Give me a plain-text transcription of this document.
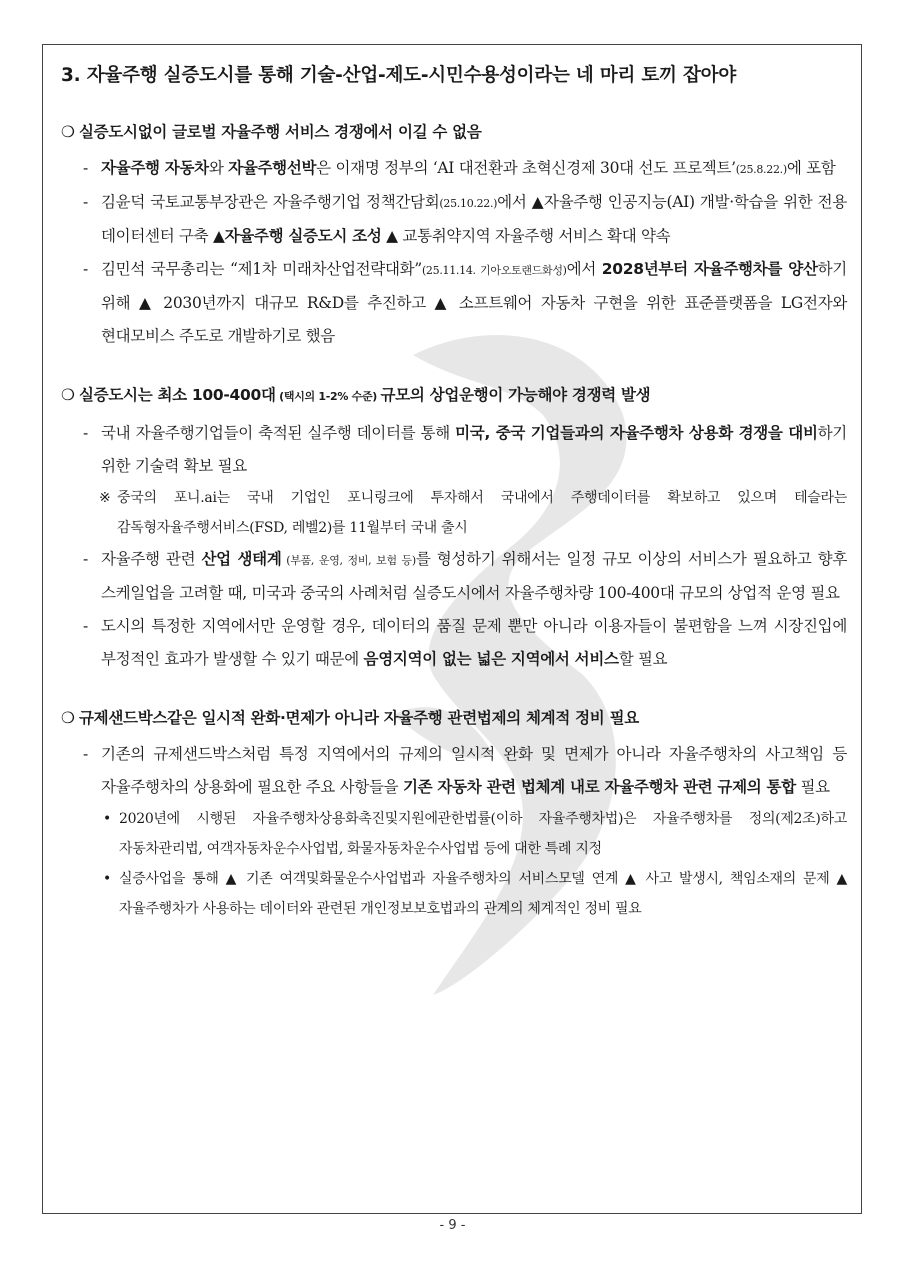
3. 자율주행 실증도시를 통해 기술-산업-제도-시민수용성이라는 네 마리 토끼 잡아야
❍ 실증도시없이 글로벌 자율주행 서비스 경쟁에서 이길 수 없음
- 자율주행 자동차와 자율주행선박은 이재명 정부의 ‘AI 대전환과 초혁신경제 30대 선도 프로젝트’(25.8.22.)에 포함
- 김윤덕 국토교통부장관은 자율주행기업 정책간담회(25.10.22.)에서 ▲자율주행 인공지능(AI) 개발·학습을 위한 전용 데이터센터 구축 ▲자율주행 실증도시 조성 ▲ 교통취약지역 자율주행 서비스 확대 약속
- 김민석 국무총리는 “제1차 미래차산업전략대화”(25.11.14. 기아오토랜드화성)에서 2028년부터 자율주행차를 양산하기 위해 ▲ 2030년까지 대규모 R&D를 추진하고 ▲ 소프트웨어 자동차 구현을 위한 표준플랫폼을 LG전자와 현대모비스 주도로 개발하기로 했음
❍ 실증도시는 최소 100-400대 (택시의 1-2% 수준) 규모의 상업운행이 가능해야 경쟁력 발생
- 국내 자율주행기업들이 축적된 실주행 데이터를 통해 미국, 중국 기업들과의 자율주행차 상용화 경쟁을 대비하기 위한 기술력 확보 필요
※ 중국의 포니.ai는 국내 기업인 포니링크에 투자해서 국내에서 주행데이터를 확보하고 있으며 테슬라는 감독형자율주행서비스(FSD, 레벨2)를 11월부터 국내 출시
- 자율주행 관련 산업 생태계 (부품, 운영, 정비, 보험 등)를 형성하기 위해서는 일정 규모 이상의 서비스가 필요하고 향후 스케일업을 고려할 때, 미국과 중국의 사례처럼 실증도시에서 자율주행차량 100-400대 규모의 상업적 운영 필요
- 도시의 특정한 지역에서만 운영할 경우, 데이터의 품질 문제 뿐만 아니라 이용자들이 불편함을 느껴 시장진입에 부정적인 효과가 발생할 수 있기 때문에 음영지역이 없는 넓은 지역에서 서비스할 필요
❍ 규제샌드박스같은 일시적 완화·면제가 아니라 자율주행 관련법제의 체계적 정비 필요
- 기존의 규제샌드박스처럼 특정 지역에서의 규제의 일시적 완화 및 면제가 아니라 자율주행차의 사고책임 등 자율주행차의 상용화에 필요한 주요 사항들을 기존 자동차 관련 법체계 내로 자율주행차 관련 규제의 통합 필요
• 2020년에 시행된 자율주행차상용화촉진및지원에관한법률(이하 자율주행차법)은 자율주행차를 정의(제2조)하고 자동차관리법, 여객자동차운수사업법, 화물자동차운수사업법 등에 대한 특례 지정
• 실증사업을 통해 ▲ 기존 여객및화물운수사업법과 자율주행차의 서비스모델 연계 ▲ 사고 발생시, 책임소재의 문제 ▲ 자율주행차가 사용하는 데이터와 관련된 개인정보보호법과의 관계의 체계적인 정비 필요
- 9 -
